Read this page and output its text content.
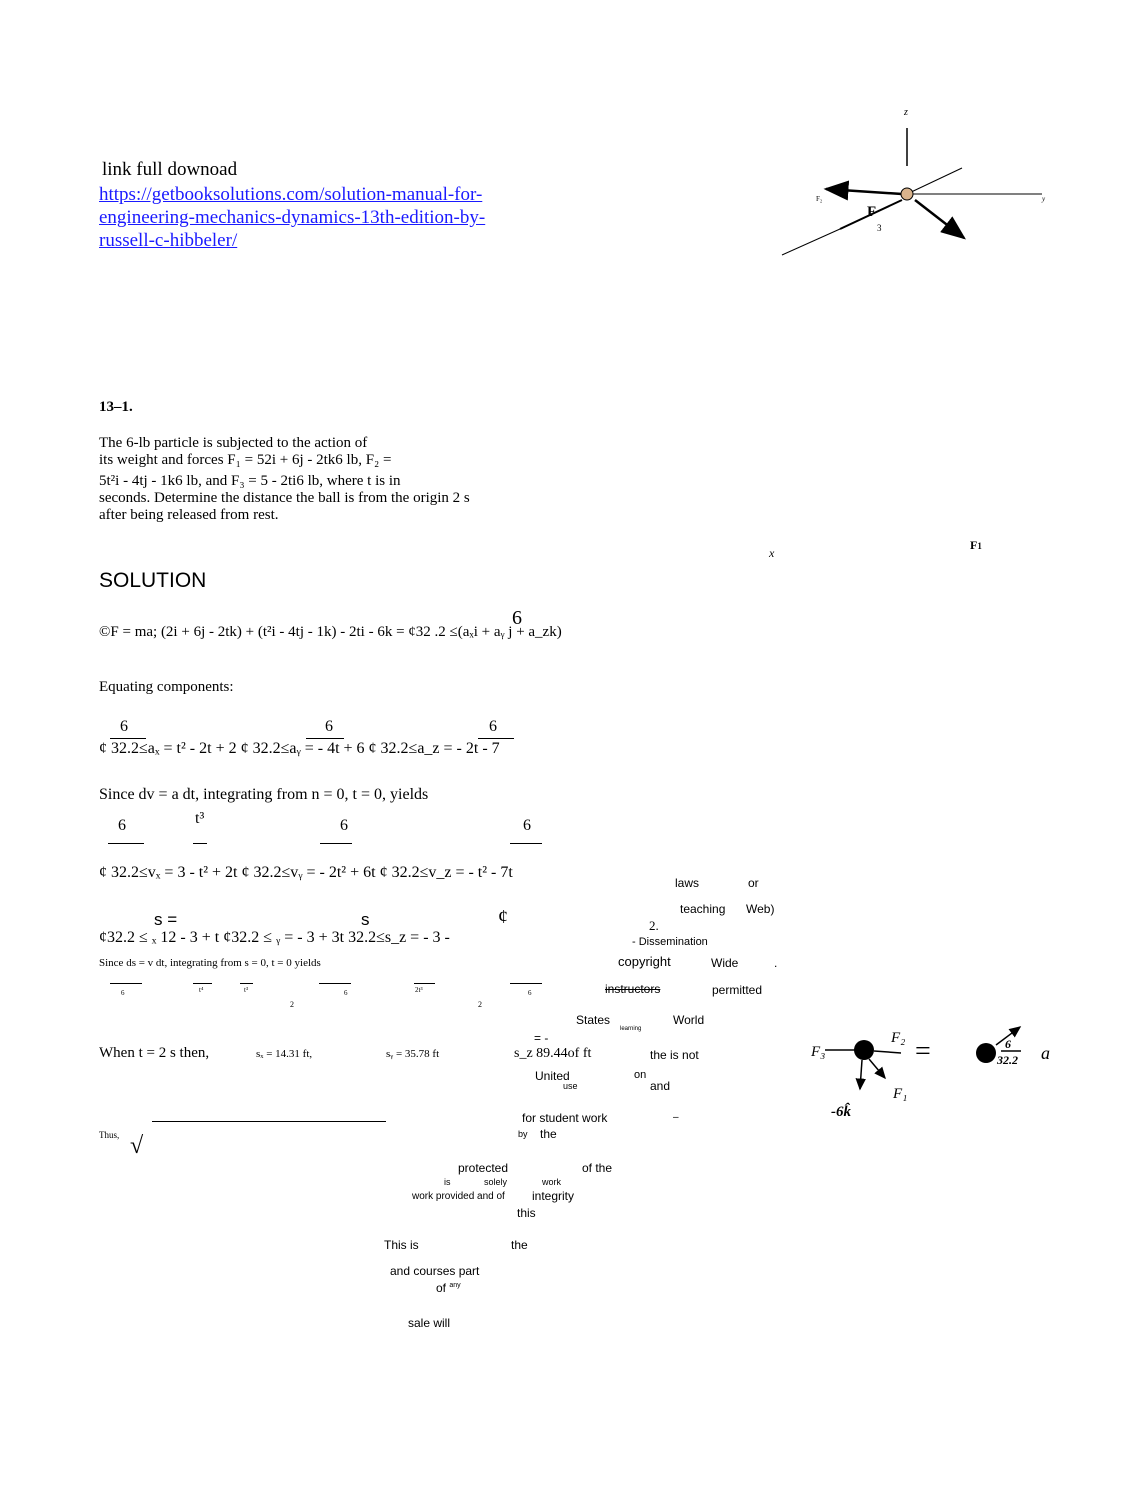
link full downoad
https://getbooksolutions.com/solution-manual-for-
engineering-mechanics-dynamics-13th-edition-by-
russell-c-hibbeler/
z
y
F₂
F
3
x
F1
13–1.
The 6-lb particle is subjected to the action of
its weight and forces F₁ = 52i + 6j - 2tk6 lb, F₂ =
5t²i - 4tj - 1k6 lb, and F₃ = 5 - 2ti6 lb, where t is in
seconds. Determine the distance the ball is from the origin 2 s
after being released from rest.
SOLUTION
6
©F = ma; (2i + 6j - 2tk) + (t²i - 4tj - 1k) - 2ti - 6k = ¢32 .2 ≤(aₓi + aᵧ j + a_zk)
Equating components:
6	6	6
¢ 32.2≤aₓ = t² - 2t + 2 ¢ 32.2≤aᵧ = - 4t + 6 ¢ 32.2≤a_z = - 2t - 7
Since dv = a dt, integrating from n = 0, t = 0, yields
6	t³	6	6
¢ 32.2≤vₓ = 3 - t² + 2t ¢ 32.2≤vᵧ = - 2t² + 6t ¢ 32.2≤v_z = - t² - 7t
s =	s	¢	2.
¢32.2 ≤ ₓ 12 - 3 + t ¢32.2 ≤ ᵧ = - 3 + 3t 32.2≤s_z = - 3 -
Since ds = v dt, integrating from s = 0, t = 0 yields
6	t⁴	t³
2
6	2t³
2
6
When t = 2 s then,	sₓ = 14.31 ft,	sᵧ = 35.78 ft
= -
s_z 89.44of ft
Thus, √
laws	or
teaching Web)
- Dissemination
copyright	Wide	.
instructors	permitted
States	World
learning
the is not
United	on
use	and
for student work	–
by the
protected	of the
is	solely	work
work provided and of integrity
this
This is	the
and courses part
of $^{any}$
sale will
F₃
F₂
F₁
-6k̂
=	6
32.2 a
